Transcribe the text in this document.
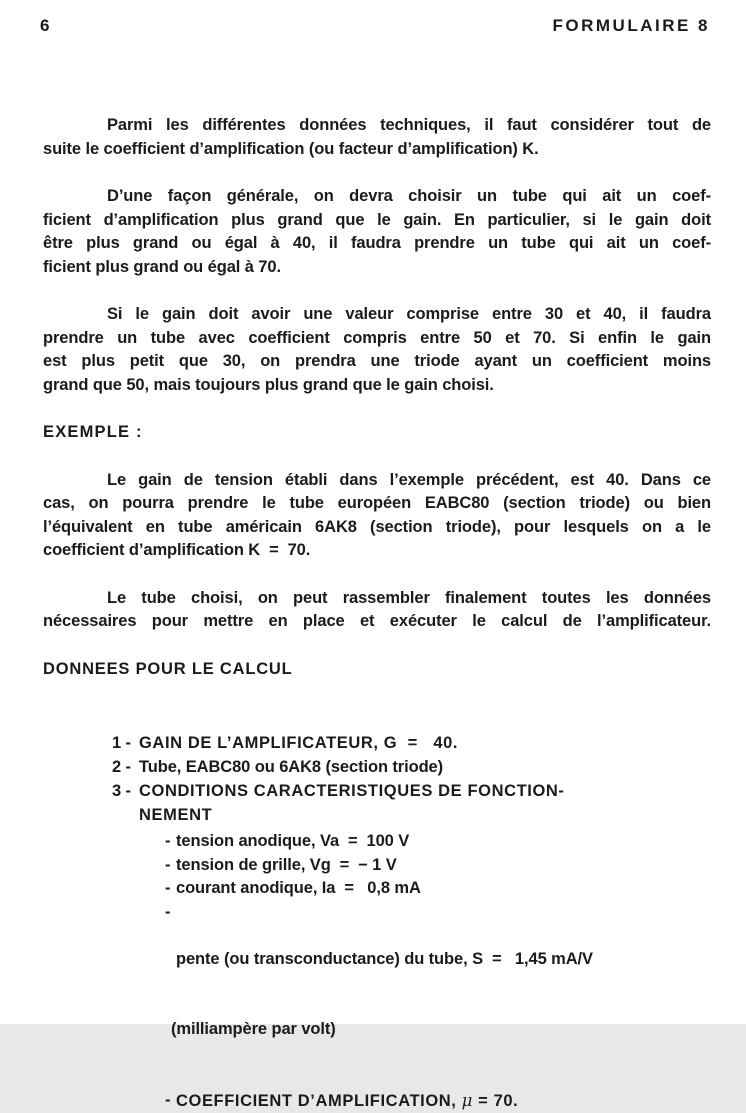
6	FORMULAIRE 8

Parmi les différentes données techniques, il faut considérer tout de
suite le coefficient d’amplification (ou facteur d’amplification) K.

D’une façon générale, on devra choisir un tube qui ait un coef-
ficient d’amplification plus grand que le gain. En particulier, si le gain doit
être plus grand ou égal à 40, il faudra prendre un tube qui ait un coef-
ficient plus grand ou égal à 70.

Si le gain doit avoir une valeur comprise entre 30 et 40, il faudra
prendre un tube avec coefficient compris entre 50 et 70. Si enfin le gain
est plus petit que 30, on prendra une triode ayant un coefficient moins
grand que 50, mais toujours plus grand que le gain choisi.

EXEMPLE :

Le gain de tension établi dans l’exemple précédent, est 40. Dans ce
cas, on pourra prendre le tube européen EABC80 (section triode) ou bien
l’équivalent en tube américain 6AK8 (section triode), pour lesquels on a le
coefficient d’amplification K  =  70.

Le tube choisi, on peut rassembler finalement toutes les données
nécessaires pour mettre en place et exécuter le calcul de l’amplificateur.

DONNEES POUR LE CALCUL
1 - GAIN DE L’AMPLIFICATEUR, G  =   40.
2 - Tube, EABC80 ou 6AK8 (section triode)
3 - CONDITIONS CARACTERISTIQUES DE FONCTION-
NEMENT
- tension anodique, Va  =  100 V
- tension de grille, Vg  =  − 1 V
- courant anodique, Ia  =   0,8 mA
-

pente (ou transconductance) du tube, S  =   1,45 mA/V

(milliampère par volt)

- COEFFICIENT D’AMPLIFICATION, μ = 70.
